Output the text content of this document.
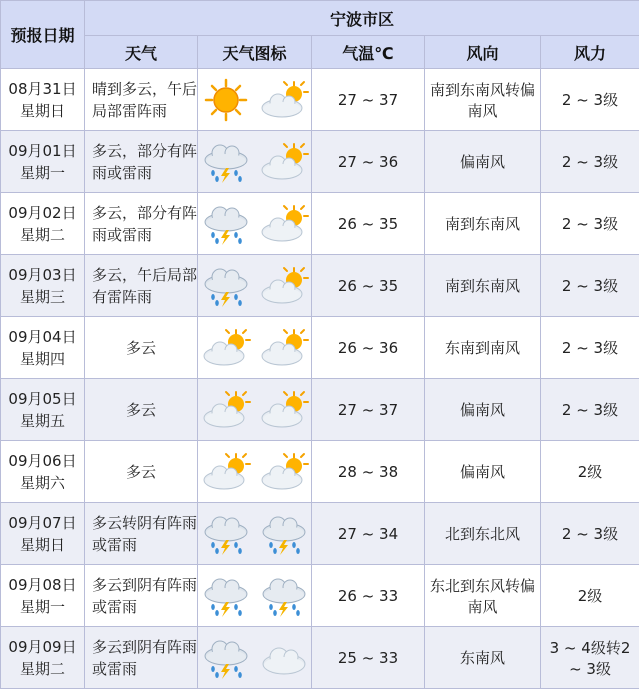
预报日期	宁波市区				
	天气	天气图标	气温℃	风向	风力

08月31日
星期日	晴到多云，午后局部雷阵雨		27 ~ 37	南到东南风转偏南风	2 ~ 3级

09月01日
星期一	多云，部分有阵雨或雷雨		27 ~ 36	偏南风	2 ~ 3级

09月02日
星期二	多云，部分有阵雨或雷雨		26 ~ 35	南到东南风	2 ~ 3级

09月03日
星期三	多云，午后局部有雷阵雨		26 ~ 35	南到东南风	2 ~ 3级

09月04日
星期四	多云		26 ~ 36	东南到南风	2 ~ 3级

09月05日
星期五	多云		27 ~ 37	偏南风	2 ~ 3级

09月06日
星期六	多云		28 ~ 38	偏南风	2级

09月07日
星期日	多云转阴有阵雨或雷雨		27 ~ 34	北到东北风	2 ~ 3级

09月08日
星期一	多云到阴有阵雨或雷雨		26 ~ 33	东北到东风转偏南风	2级

09月09日
星期二	多云到阴有阵雨或雷雨		25 ~ 33	东南风	3 ~ 4级转2 ~ 3级
